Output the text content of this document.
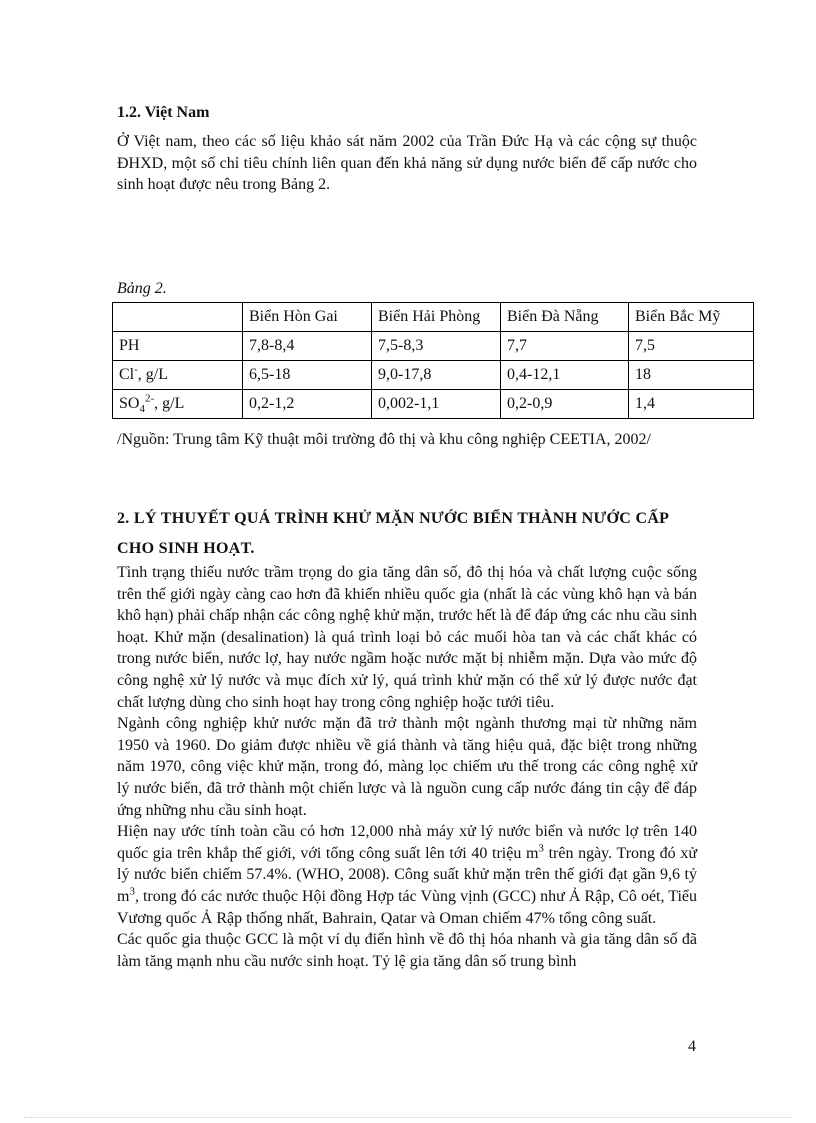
1.2. Việt Nam

Ở Việt nam, theo các số liệu khảo sát năm 2002 của Trần Đức Hạ và các cộng sự thuộc ĐHXD, một số chỉ tiêu chính liên quan đến khả năng sử dụng nước biển để cấp nước cho sinh hoạt được nêu trong Bảng 2.

Bảng 2.

	Biển Hòn Gai	Biển Hải Phòng	Biển Đà Nẵng	Biển Bắc Mỹ
PH	7,8-8,4	7,5-8,3	7,7	7,5
Cl-, g/L	6,5-18	9,0-17,8	0,4-12,1	18
$SO_4^{2-}$, g/L	0,2-1,2	0,002-1,1	0,2-0,9	1,4

/Nguồn: Trung tâm Kỹ thuật môi trường đô thị và khu công nghiệp CEETIA, 2002/

2. LÝ THUYẾT QUÁ TRÌNH KHỬ MẶN NƯỚC BIỂN THÀNH NƯỚC CẤP CHO SINH HOẠT.

Tình trạng thiếu nước trầm trọng do gia tăng dân số, đô thị hóa và chất lượng cuộc sống trên thế giới ngày càng cao hơn đã khiến nhiều quốc gia (nhất là các vùng khô hạn và bán khô hạn) phải chấp nhận các công nghệ khử mặn, trước hết là để đáp ứng các nhu cầu sinh hoạt. Khử mặn (desalination) là quá trình loại bỏ các muối hòa tan và các chất khác có trong nước biển, nước lợ, hay nước ngầm hoặc nước mặt bị nhiễm mặn. Dựa vào mức độ công nghệ xử lý nước và mục đích xử lý, quá trình khử mặn có thể xử lý được nước đạt chất lượng dùng cho sinh hoạt hay trong công nghiệp hoặc tưới tiêu.

Ngành công nghiệp khử nước mặn đã trở thành một ngành thương mại từ những năm 1950 và 1960. Do giảm được nhiều về giá thành và tăng hiệu quả, đặc biệt trong những năm 1970, công việc khử mặn, trong đó, màng lọc chiếm ưu thế trong các công nghệ xử lý nước biển, đã trở thành một chiến lược và là nguồn cung cấp nước đáng tin cậy để đáp ứng những nhu cầu sinh hoạt.

Hiện nay ước tính toàn cầu có hơn 12,000 nhà máy xử lý nước biển và nước lợ trên 140 quốc gia trên khắp thế giới, với tổng công suất lên tới 40 triệu $m^3$ trên ngày. Trong đó xử lý nước biển chiếm 57.4%. (WHO, 2008). Công suất khử mặn trên thế giới đạt gần 9,6 tỷ $m^3$, trong đó các nước thuộc Hội đồng Hợp tác Vùng vịnh (GCC) như Ả Rập, Cô oét, Tiểu Vương quốc Ả Rập thống nhất, Bahrain, Qatar và Oman chiếm 47% tổng công suất.

Các quốc gia thuộc GCC là một ví dụ điển hình về đô thị hóa nhanh và gia tăng dân số đã làm tăng mạnh nhu cầu nước sinh hoạt. Tỷ lệ gia tăng dân số trung bình

4
